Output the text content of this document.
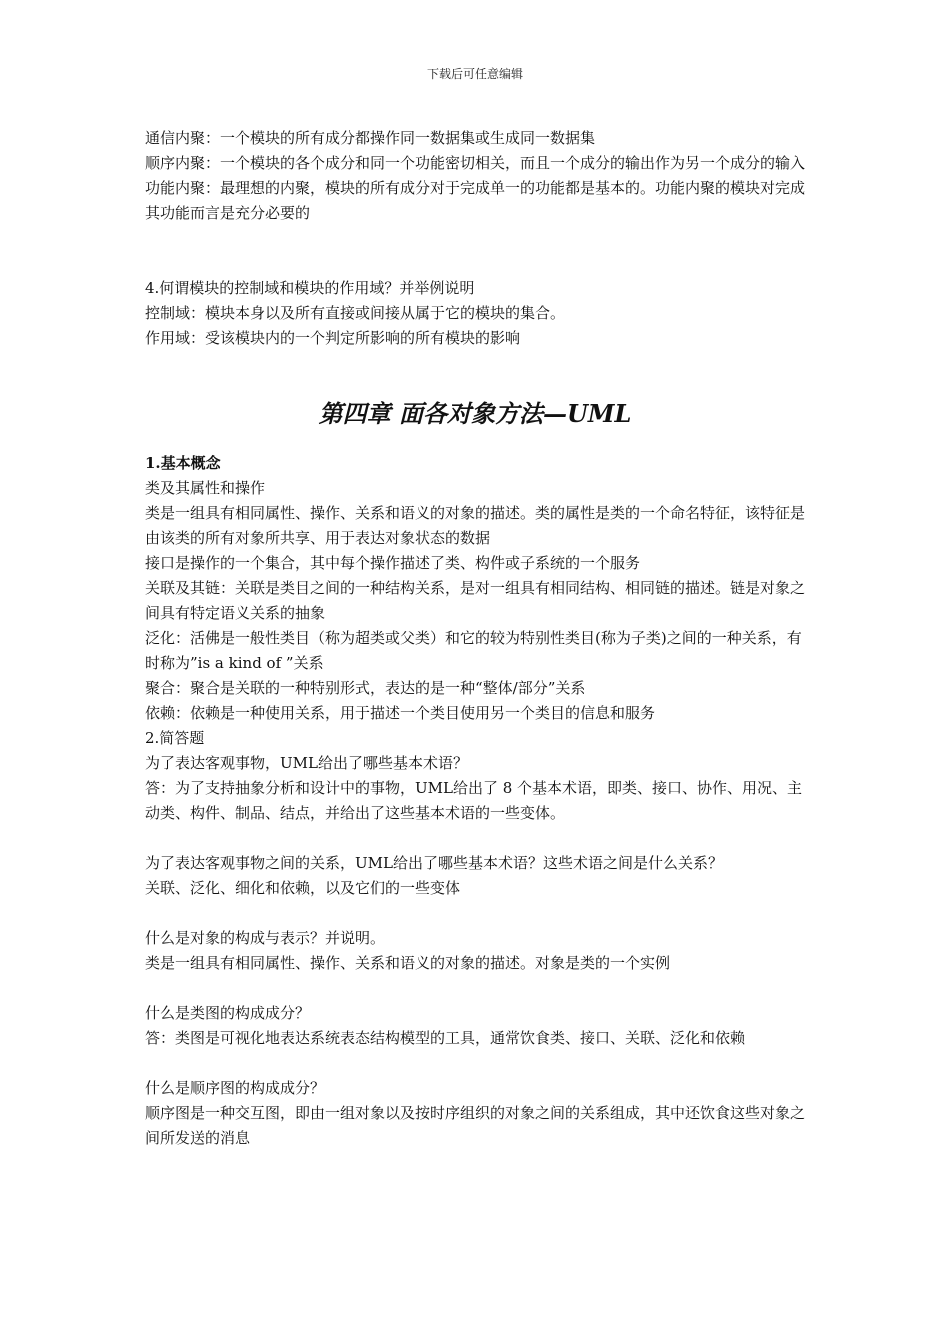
下载后可任意编辑

通信内聚：一个模块的所有成分都操作同一数据集或生成同一数据集

顺序内聚：一个模块的各个成分和同一个功能密切相关，而且一个成分的输出作为另一个成分的输入

功能内聚：最理想的内聚，模块的所有成分对于完成单一的功能都是基本的。功能内聚的模块对完成其功能而言是充分必要的

4.何谓模块的控制域和模块的作用域？并举例说明

控制域：模块本身以及所有直接或间接从属于它的模块的集合。

作用域：受该模块内的一个判定所影响的所有模块的影响

第四章 面各对象方法—UML

1.基本概念

类及其属性和操作

类是一组具有相同属性、操作、关系和语义的对象的描述。类的属性是类的一个命名特征，该特征是由该类的所有对象所共享、用于表达对象状态的数据

接口是操作的一个集合，其中每个操作描述了类、构件或子系统的一个服务

关联及其链：关联是类目之间的一种结构关系，是对一组具有相同结构、相同链的描述。链是对象之间具有特定语义关系的抽象

泛化：活佛是一般性类目（称为超类或父类）和它的较为特别性类目(称为子类)之间的一种关系，有时称为”is a kind of ”关系

聚合：聚合是关联的一种特别形式，表达的是一种“整体/部分”关系

依赖：依赖是一种使用关系，用于描述一个类目使用另一个类目的信息和服务

2.简答题

为了表达客观事物，UML给出了哪些基本术语？

答：为了支持抽象分析和设计中的事物，UML给出了 8 个基本术语，即类、接口、协作、用况、主动类、构件、制品、结点，并给出了这些基本术语的一些变体。

为了表达客观事物之间的关系，UML给出了哪些基本术语？这些术语之间是什么关系？

关联、泛化、细化和依赖，以及它们的一些变体

什么是对象的构成与表示？并说明。

类是一组具有相同属性、操作、关系和语义的对象的描述。对象是类的一个实例

什么是类图的构成成分？

答：类图是可视化地表达系统表态结构模型的工具，通常饮食类、接口、关联、泛化和依赖

什么是顺序图的构成成分？

顺序图是一种交互图，即由一组对象以及按时序组织的对象之间的关系组成，其中还饮食这些对象之间所发送的消息
